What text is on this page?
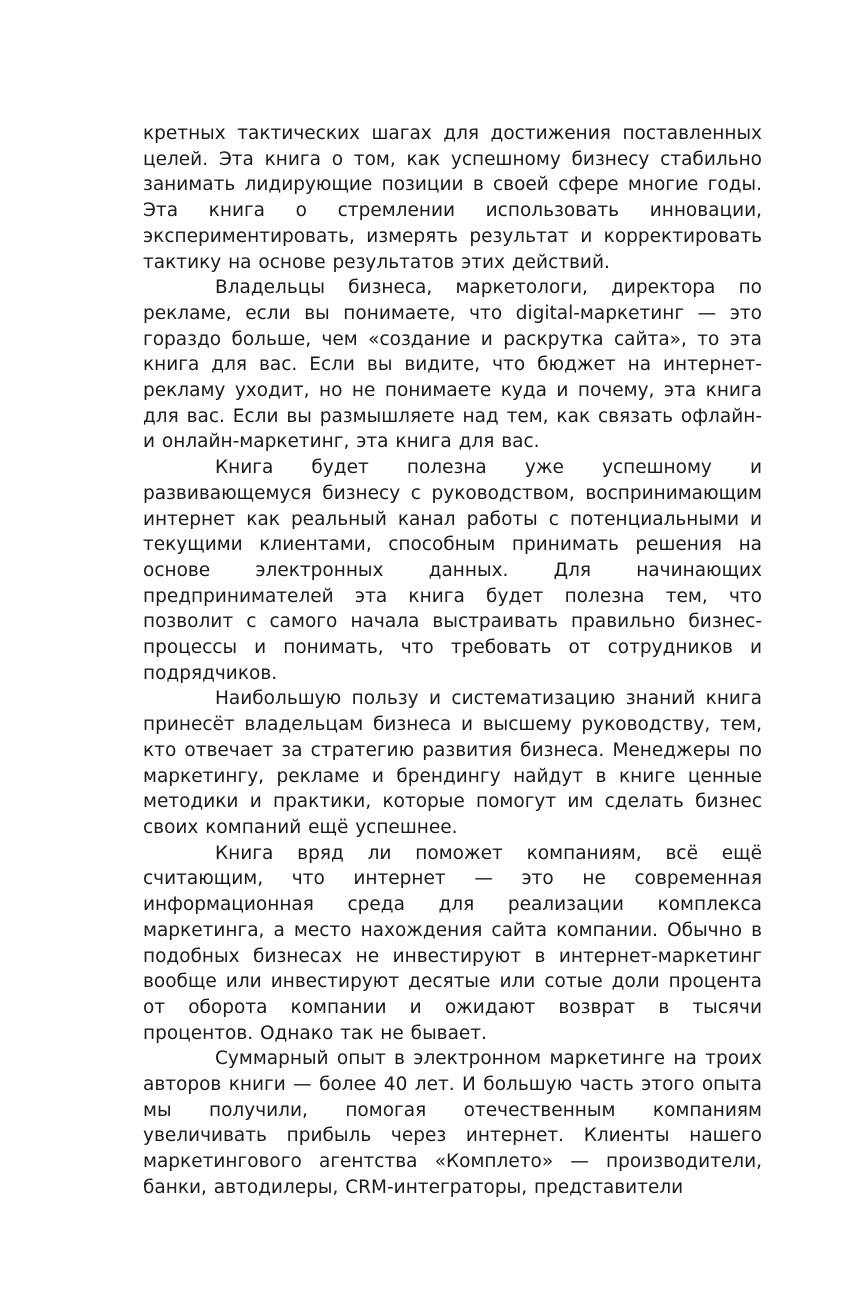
кретных тактических шагах для достижения поставленных целей. Эта книга о том, как успешному бизнесу стабильно занимать лидирующие позиции в своей сфере многие годы. Эта книга о стремлении использовать инновации, экспериментировать, измерять результат и корректировать тактику на основе результатов этих действий.

Владельцы бизнеса, маркетологи, директора по рекламе, если вы понимаете, что digital-маркетинг — это гораздо больше, чем «создание и раскрутка сайта», то эта книга для вас. Если вы видите, что бюджет на интернет-рекламу уходит, но не понимаете куда и почему, эта книга для вас. Если вы размышляете над тем, как связать офлайн- и онлайн-маркетинг, эта книга для вас.

Книга будет полезна уже успешному и развивающемуся бизнесу с руководством, воспринимающим интернет как реальный канал работы с потенциальными и текущими клиентами, способным принимать решения на основе электронных данных. Для начинающих предпринимателей эта книга будет полезна тем, что позволит с самого начала выстраивать правильно бизнес-процессы и понимать, что требовать от сотрудников и подрядчиков.

Наибольшую пользу и систематизацию знаний книга принесёт владельцам бизнеса и высшему руководству, тем, кто отвечает за стратегию развития бизнеса. Менеджеры по маркетингу, рекламе и брендингу найдут в книге ценные методики и практики, которые помогут им сделать бизнес своих компаний ещё успешнее.

Книга вряд ли поможет компаниям, всё ещё считающим, что интернет — это не современная информационная среда для реализации комплекса маркетинга, а место нахождения сайта компании. Обычно в подобных бизнесах не инвестируют в интернет-маркетинг вообще или инвестируют десятые или сотые доли процента от оборота компании и ожидают возврат в тысячи процентов. Однако так не бывает.

Суммарный опыт в электронном маркетинге на троих авторов книги — более 40 лет. И большую часть этого опыта мы получили, помогая отечественным компаниям увеличивать прибыль через интернет. Клиенты нашего маркетингового агентства «Комплето» — производители, банки, автодилеры, CRM-интеграторы, представители
